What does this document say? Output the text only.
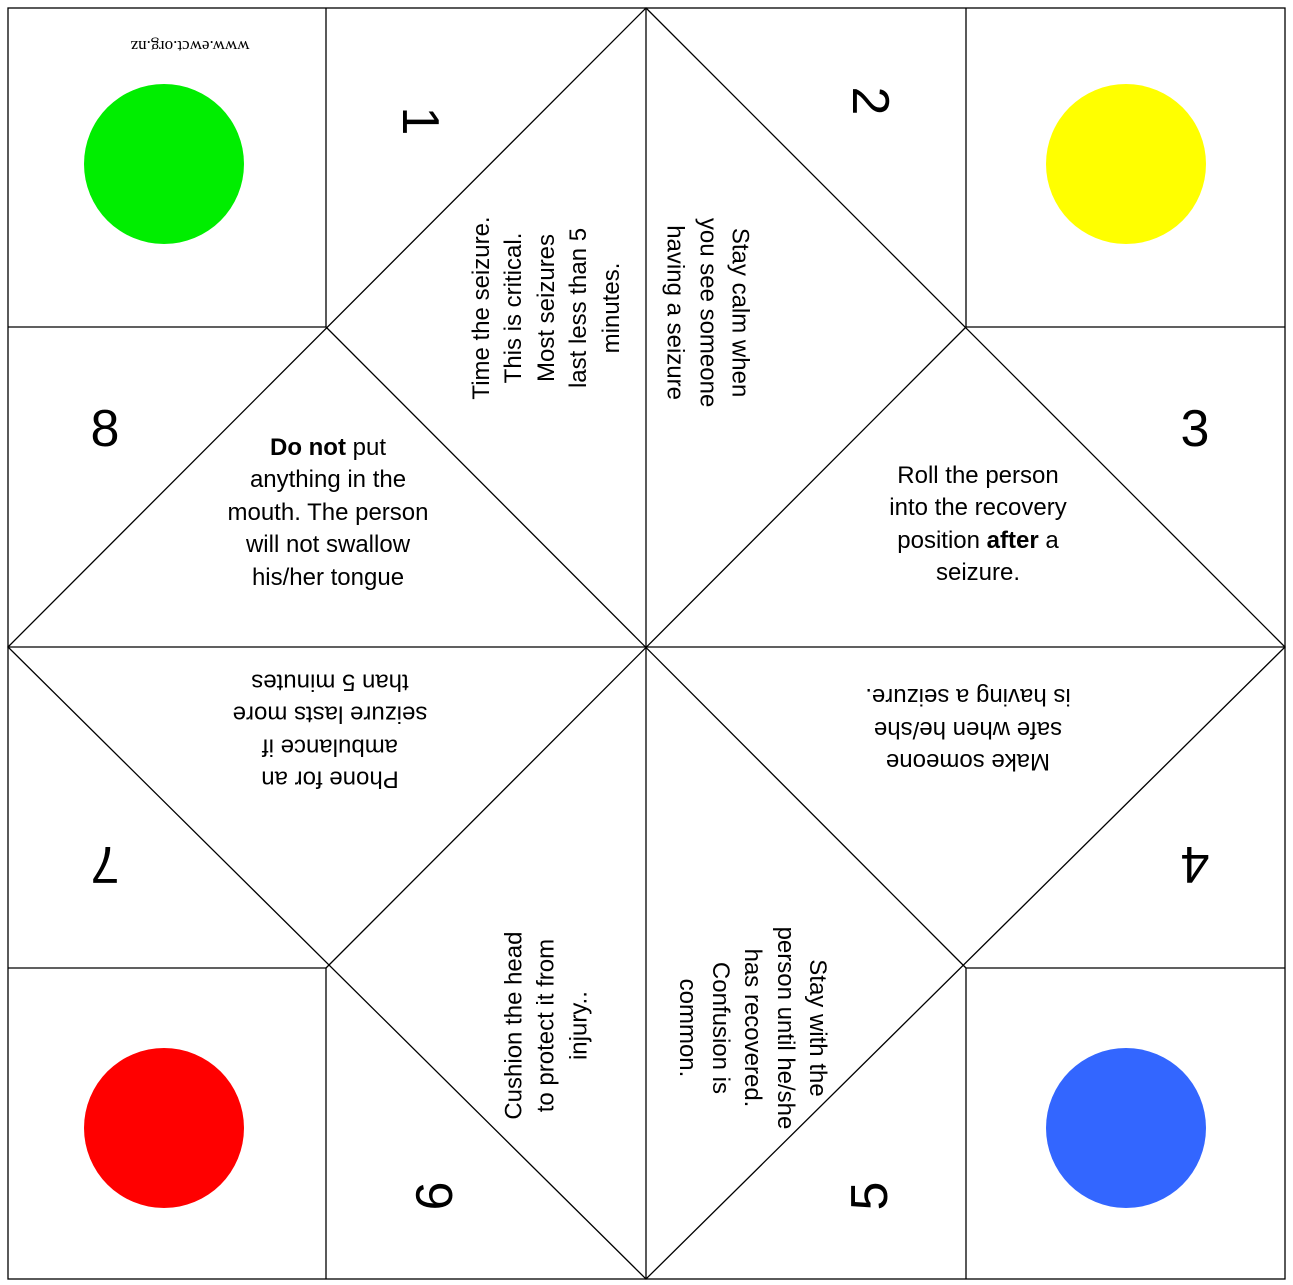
www.ewct.org.nz
1
2
3
4
5
6
7
8
Time the seizure.
This is critical.
Most seizures
last less than 5
minutes.
Stay calm when
you see someone
having a seizure
Roll the person
into the recovery
position after a
seizure.
Make someone
safe when he/she
is having a seizure.
Stay with the
person until he/she
has recovered.
Confusion is
common.
Cushion the head
to protect it from
injury..
Phone for an
ambulance if
seizure lasts more
than 5 minutes
Do not put
anything in the
mouth. The person
will not swallow
his/her tongue
